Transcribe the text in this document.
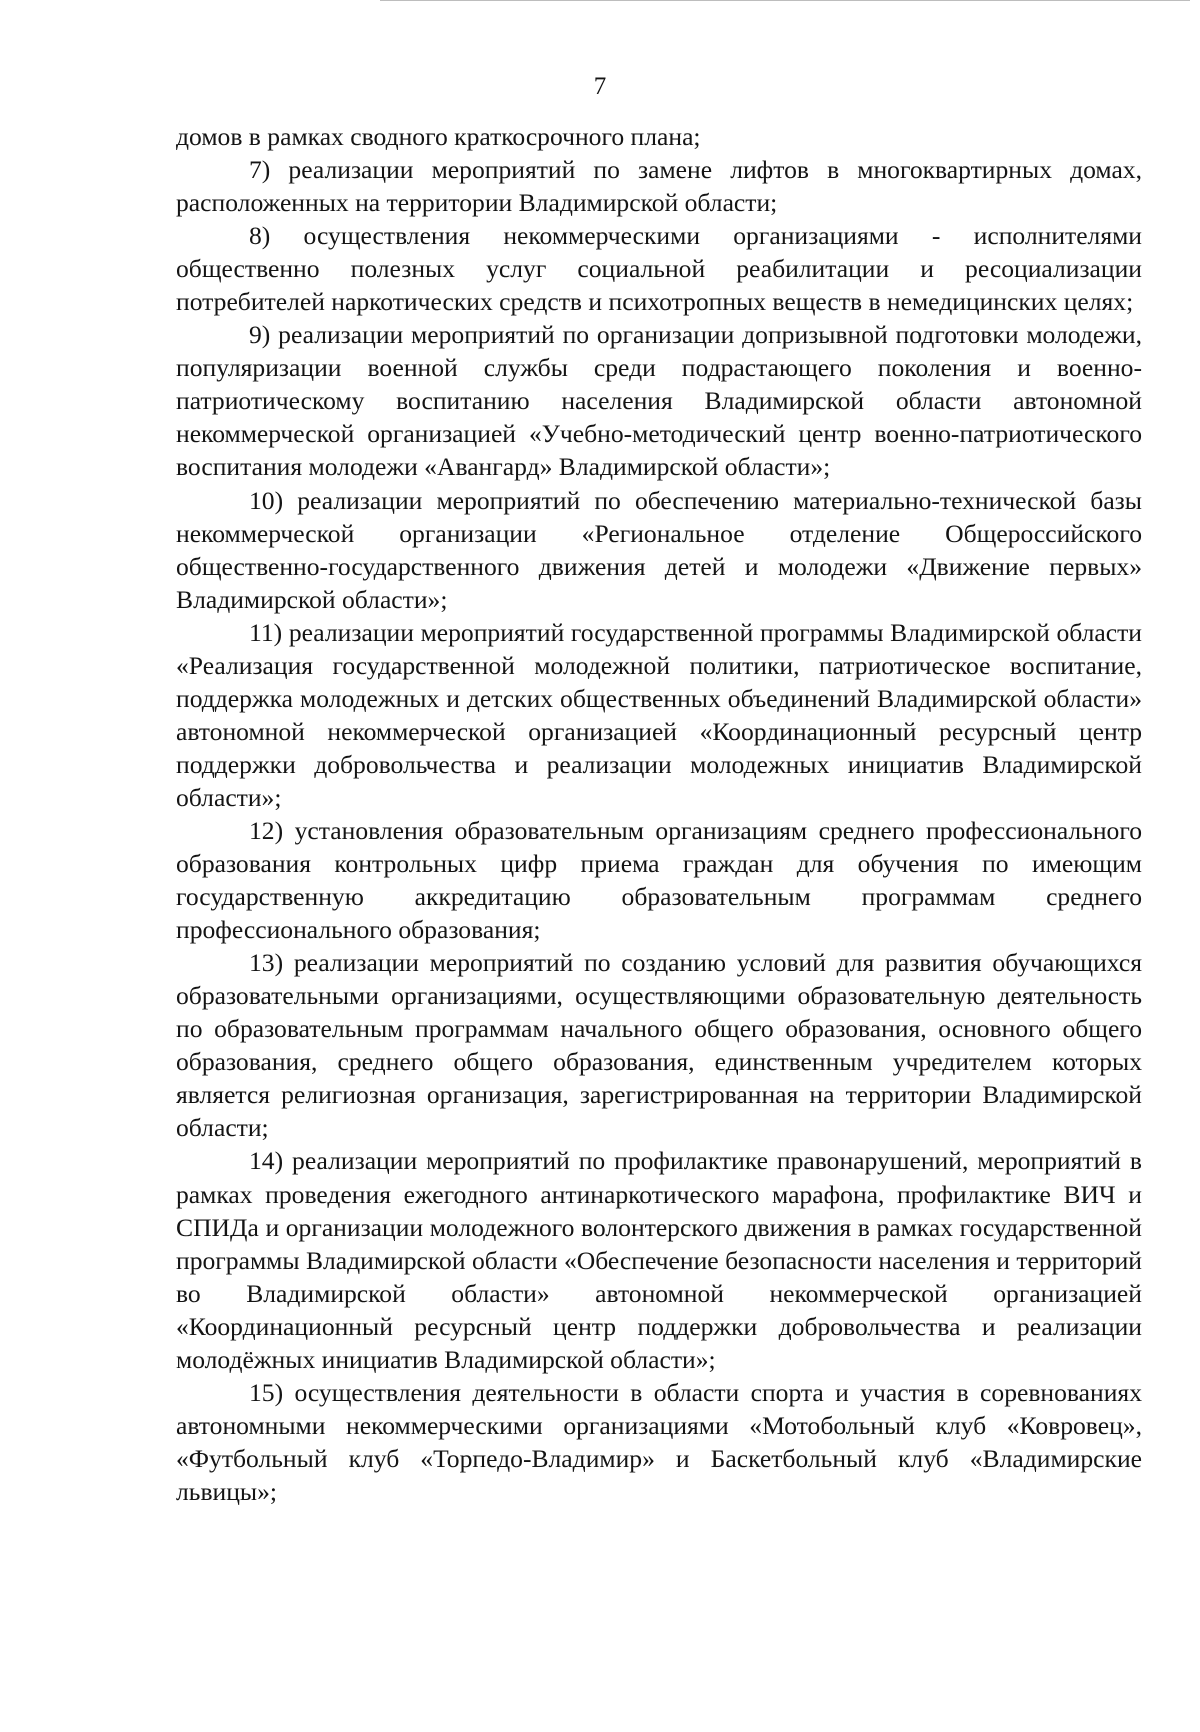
7

домов в рамках сводного краткосрочного плана;

7) реализации мероприятий по замене лифтов в многоквартирных домах, расположенных на территории Владимирской области;

8) осуществления некоммерческими организациями - исполнителями общественно полезных услуг социальной реабилитации и ресоциализации потребителей наркотических средств и психотропных веществ в немедицинских целях;

9) реализации мероприятий по организации допризывной подготовки молодежи, популяризации военной службы среди подрастающего поколения и военно-патриотическому воспитанию населения Владимирской области автономной некоммерческой организацией «Учебно-методический центр военно-патриотического воспитания молодежи «Авангард» Владимирской области»;

10) реализации мероприятий по обеспечению материально-технической базы некоммерческой организации «Региональное отделение Общероссийского общественно-государственного движения детей и молодежи «Движение первых» Владимирской области»;

11) реализации мероприятий государственной программы Владимирской области «Реализация государственной молодежной политики, патриотическое воспитание, поддержка молодежных и детских общественных объединений Владимирской области» автономной некоммерческой организацией «Координационный ресурсный центр поддержки добровольчества и реализации молодежных инициатив Владимирской области»;

12) установления образовательным организациям среднего профессионального образования контрольных цифр приема граждан для обучения по имеющим государственную аккредитацию образовательным программам среднего профессионального образования;

13) реализации мероприятий по созданию условий для развития обучающихся образовательными организациями, осуществляющими образовательную деятельность по образовательным программам начального общего образования, основного общего образования, среднего общего образования, единственным учредителем которых является религиозная организация, зарегистрированная на территории Владимирской области;

14) реализации мероприятий по профилактике правонарушений, мероприятий в рамках проведения ежегодного антинаркотического марафона, профилактике ВИЧ и СПИДа и организации молодежного волонтерского движения в рамках государственной программы Владимирской области «Обеспечение безопасности населения и территорий во Владимирской области» автономной некоммерческой организацией «Координационный ресурсный центр поддержки добровольчества и реализации молодёжных инициатив Владимирской области»;

15) осуществления деятельности в области спорта и участия в соревнованиях автономными некоммерческими организациями «Мотобольный клуб «Ковровец», «Футбольный клуб «Торпедо-Владимир» и Баскетбольный клуб «Владимирские львицы»;
